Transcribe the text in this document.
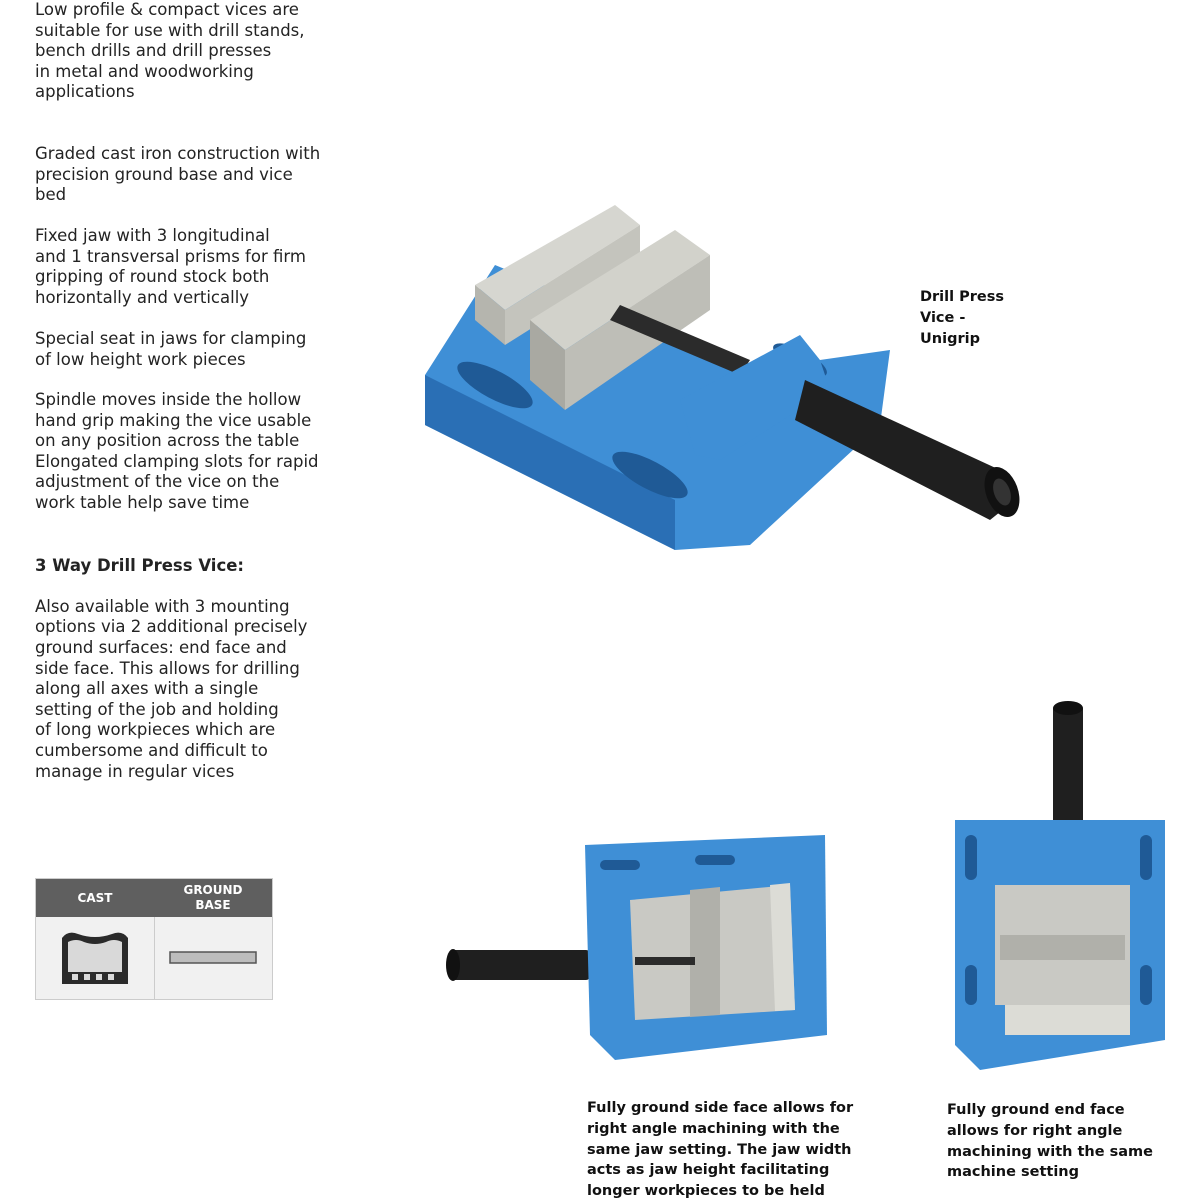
Low profile & compact vices are
suitable for use with drill stands,
bench drills and drill presses
in metal and woodworking
applications
Graded cast iron construction with
precision ground base and vice
bed
Fixed jaw with 3 longitudinal
and 1 transversal prisms for firm
gripping of round stock both
horizontally and vertically
Special seat in jaws for clamping
of low height work pieces
Spindle moves inside the hollow
hand grip making the vice usable
on any position across the table
Elongated clamping slots for rapid
adjustment of the vice on the
work table help save time

3 Way Drill Press Vice:

Also available with 3 mounting
options via 2 additional precisely
ground surfaces: end face and
side face. This allows for drilling
along all axes with a single
setting of the job and holding
of long workpieces which are
cumbersome and difficult to
manage in regular vices

CAST
GROUND
BASE
Drill Press
Vice -
Unigrip
Fully ground side face allows for
right angle machining with the
same jaw setting. The jaw width
acts as jaw height facilitating
longer workpieces to be held
Fully ground end face
allows for right angle
machining with the same
machine setting
